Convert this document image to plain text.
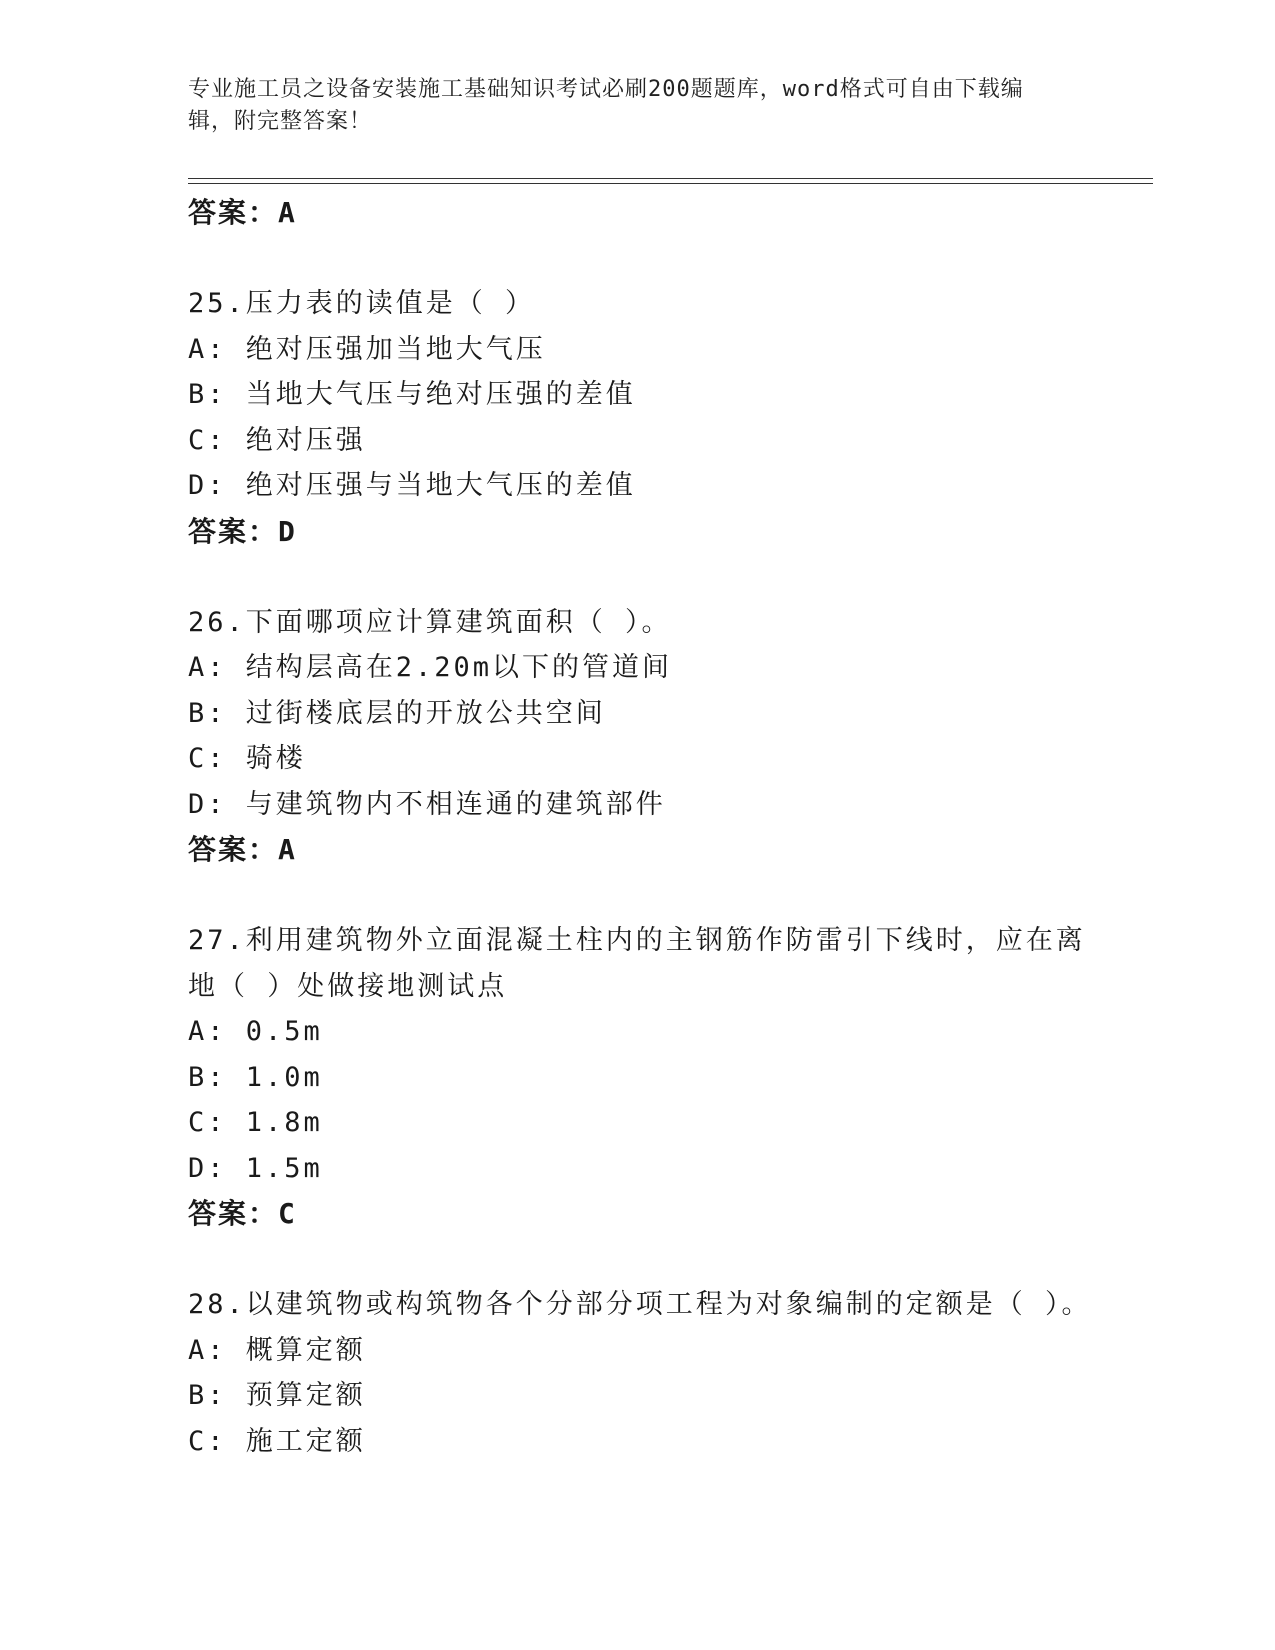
专业施工员之设备安装施工基础知识考试必刷200题题库，word格式可自由下载编辑，附完整答案！
答案：A
25.压力表的读值是（ ）
A: 绝对压强加当地大气压
B: 当地大气压与绝对压强的差值
C: 绝对压强
D: 绝对压强与当地大气压的差值
答案：D
26.下面哪项应计算建筑面积（ ）。
A: 结构层高在2.20m以下的管道间
B: 过街楼底层的开放公共空间
C: 骑楼
D: 与建筑物内不相连通的建筑部件
答案：A
27.利用建筑物外立面混凝土柱内的主钢筋作防雷引下线时，应在离地（ ）处做接地测试点
A: 0.5m
B: 1.0m
C: 1.8m
D: 1.5m
答案：C
28.以建筑物或构筑物各个分部分项工程为对象编制的定额是（ ）。
A: 概算定额
B: 预算定额
C: 施工定额
